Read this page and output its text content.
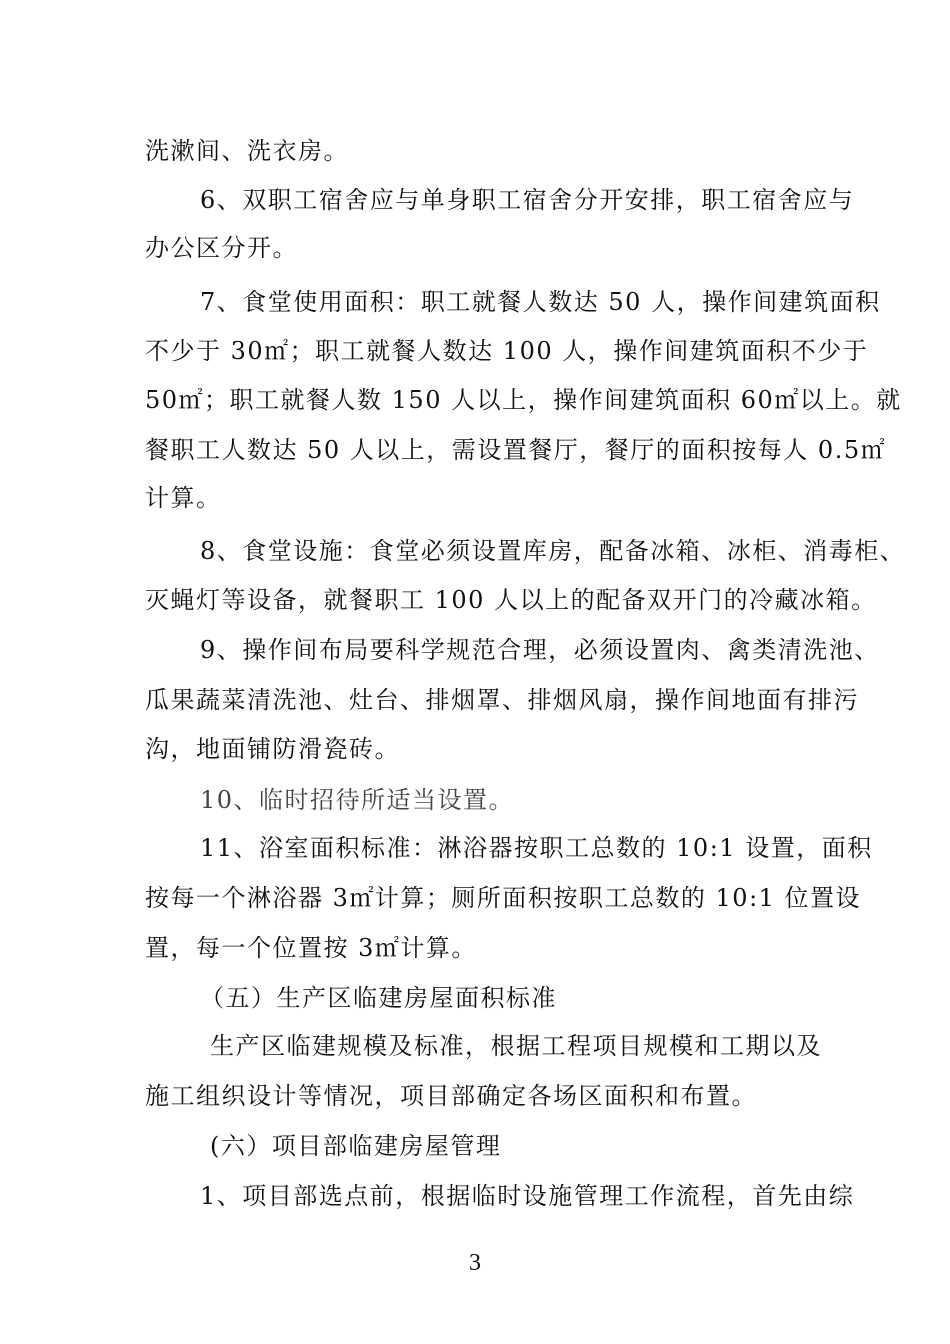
洗漱间、洗衣房。
6、双职工宿舍应与单身职工宿舍分开安排，职工宿舍应与
办公区分开。
7、食堂使用面积：职工就餐人数达 50 人，操作间建筑面积
不少于 30㎡；职工就餐人数达 100 人，操作间建筑面积不少于
50㎡；职工就餐人数 150 人以上，操作间建筑面积 60㎡以上。就
餐职工人数达 50 人以上，需设置餐厅，餐厅的面积按每人 0.5㎡
计算。
8、食堂设施：食堂必须设置库房，配备冰箱、冰柜、消毒柜、
灭蝇灯等设备，就餐职工 100 人以上的配备双开门的冷藏冰箱。
9、操作间布局要科学规范合理，必须设置肉、禽类清洗池、
瓜果蔬菜清洗池、灶台、排烟罩、排烟风扇，操作间地面有排污
沟，地面铺防滑瓷砖。
10、临时招待所适当设置。
11、浴室面积标准：淋浴器按职工总数的 10:1 设置，面积
按每一个淋浴器 3㎡计算；厕所面积按职工总数的 10:1 位置设
置，每一个位置按 3㎡计算。
（五）生产区临建房屋面积标准
生产区临建规模及标准，根据工程项目规模和工期以及
施工组织设计等情况，项目部确定各场区面积和布置。
(六）项目部临建房屋管理
1、项目部选点前，根据临时设施管理工作流程，首先由综
3
